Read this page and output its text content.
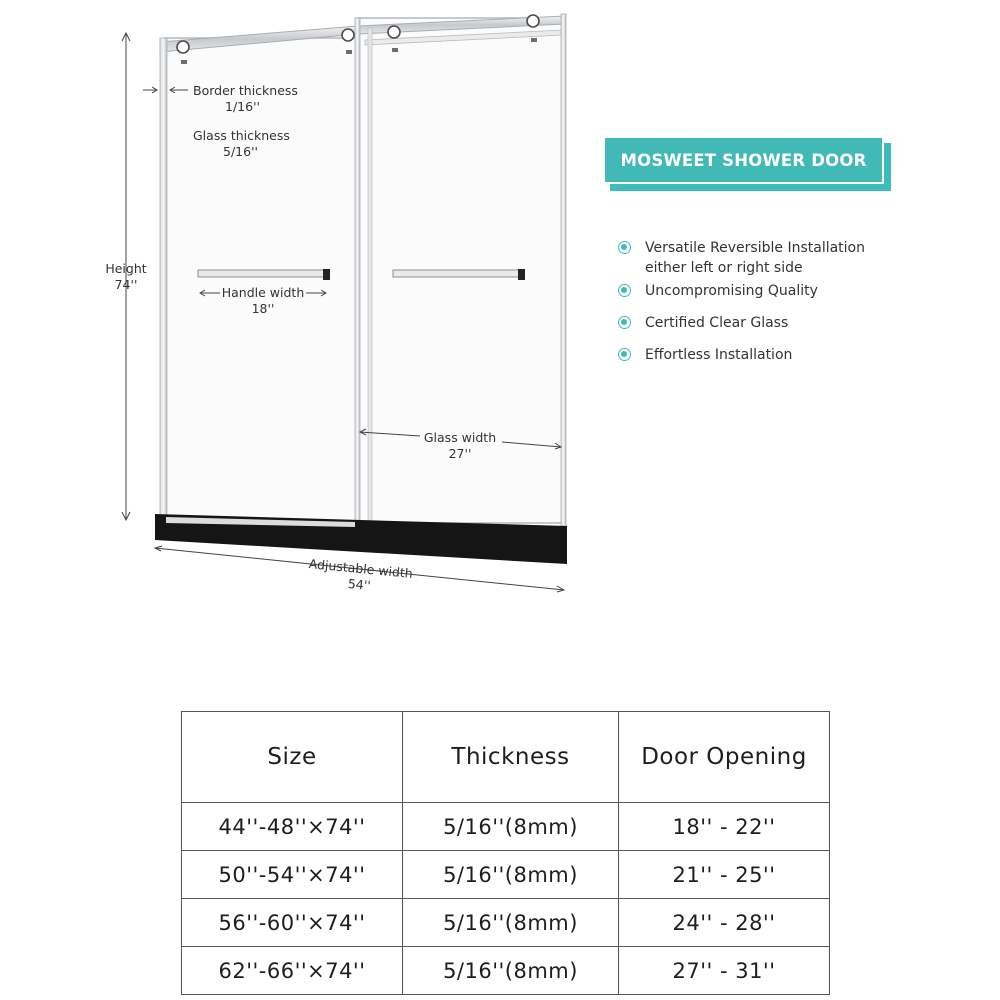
Border thickness
1/16''
Glass thickness
5/16''
Height
74''
Handle width
18''
Glass width
27''
Adjustable width
54''
MOSWEET SHOWER DOOR
Versatile Reversible Installation
either left or right side
Uncompromising Quality
Certified Clear Glass
Effortless Installation
Size	Thickness	Door Opening
44''-48''×74''	5/16''(8mm)	18'' - 22''
50''-54''×74''	5/16''(8mm)	21'' - 25''
56''-60''×74''	5/16''(8mm)	24'' - 28''
62''-66''×74''	5/16''(8mm)	27'' - 31''
